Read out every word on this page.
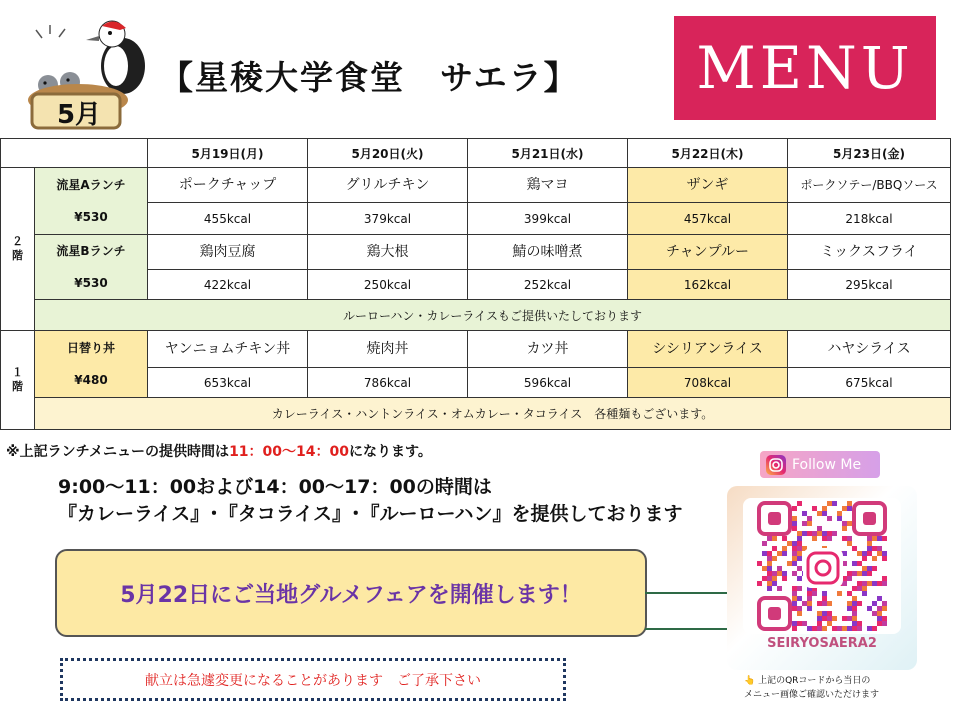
5月
【星稜大学食堂　サエラ】 MENU
		5月19日(月)	5月20日(火)	5月21日(水)	5月22日(木)	5月23日(金)

２階	流星Aランチ
¥530	ポークチャップ	グリルチキン	鶏マヨ	ザンギ	ポークソテー/BBQソース
		455kcal	379kcal	399kcal	457kcal	218kcal

	流星Bランチ
¥530	鶏肉豆腐	鶏大根	鯖の味噌煮	チャンプルー	ミックスフライ
		422kcal	250kcal	252kcal	162kcal	295kcal
	ルーローハン・カレーライスもご提供いたしております					

１階	日替り丼
¥480	ヤンニョムチキン丼	焼肉丼	カツ丼	シシリアンライス	ハヤシライス
		653kcal	786kcal	596kcal	708kcal	675kcal
	カレーライス・ハントンライス・オムカレー・タコライス　各種麺もございます。					
※上記ランチメニューの提供時間は11：00～14：00になります。
9:00～11：00および14：00～17：00の時間は
『カレーライス』･『タコライス』･『ルーローハン』を提供しております
5月22日にご当地グルメフェアを開催します！
献立は急遽変更になることがあります　ご了承下さい
Follow Me
SEIRYOSAERA2
👆 上記のQRコードから当日の
メニュー画像ご確認いただけます
